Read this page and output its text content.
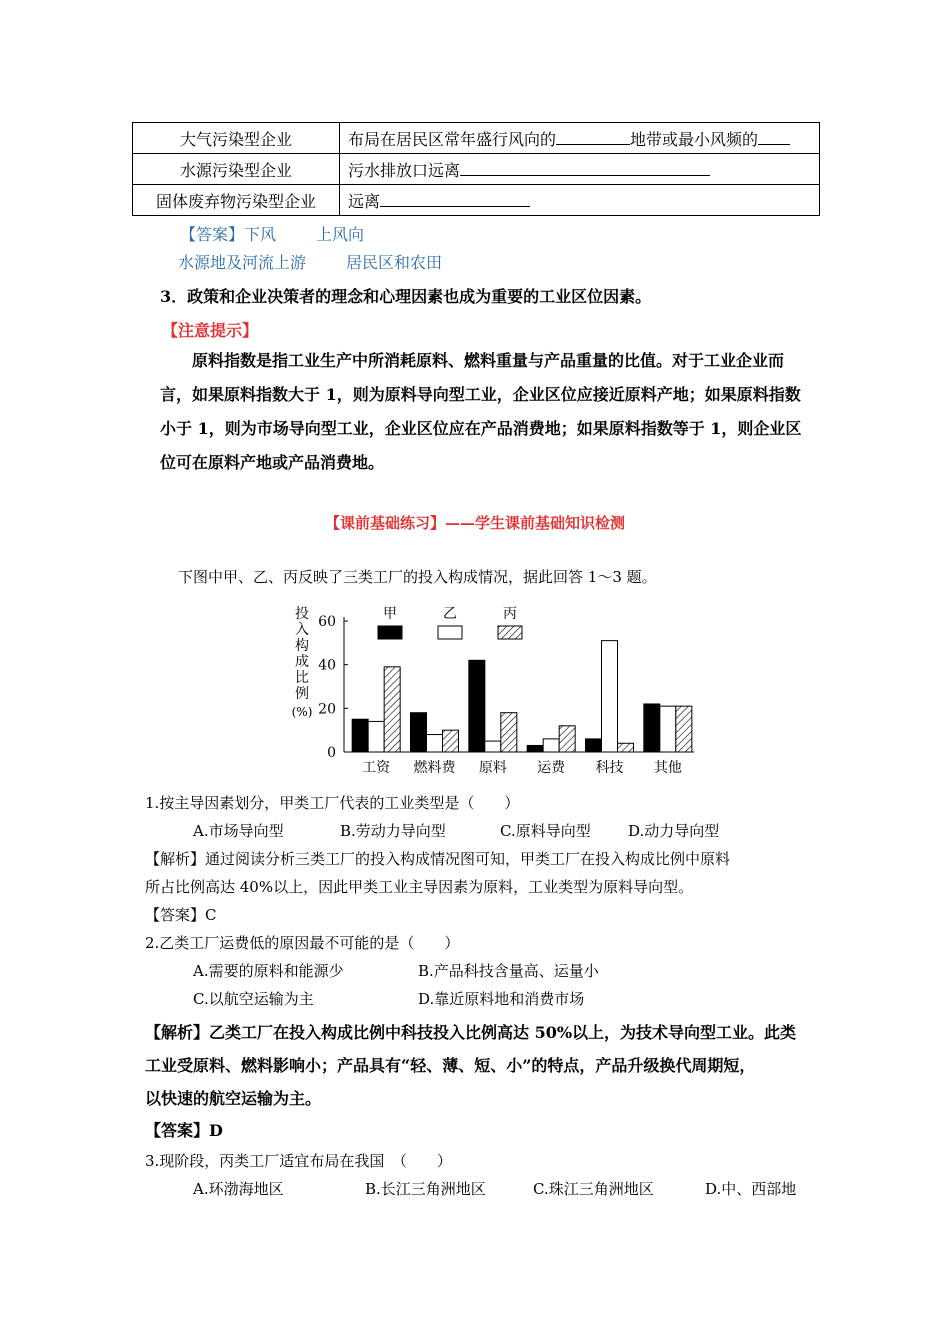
大气污染型企业	布局在居民区常年盛行风向的 地带或最小风频的
水源污染型企业	污水排放口远离
固体废弃物污染型企业	远离
【答案】下风	上风向
水源地及河流上游	居民区和农田
3．政策和企业决策者的理念和心理因素也成为重要的工业区位因素。
【注意提示】
原料指数是指工业生产中所消耗原料、燃料重量与产品重量的比值。对于工业企业而
言，如果原料指数大于 1，则为原料导向型工业，企业区位应接近原料产地；如果原料指数
小于 1，则为市场导向型工业，企业区位应在产品消费地；如果原料指数等于 1，则企业区
位可在原料产地或产品消费地。
【课前基础练习】——学生课前基础知识检测
下图中甲、乙、丙反映了三类工厂的投入构成情况，据此回答 1～3 题。
投
入
构
成
比
例
(%)
0
20
40
60
工资 燃料费 原料 运费 科技 其他
甲	乙	丙
1.按主导因素划分，甲类工厂代表的工业类型是（　　）
A.市场导向型	B.劳动力导向型	C.原料导向型 D.动力导向型
【解析】通过阅读分析三类工厂的投入构成情况图可知，甲类工厂在投入构成比例中原料
所占比例高达 40%以上，因此甲类工业主导因素为原料，工业类型为原料导向型。
【答案】C
2.乙类工厂运费低的原因最不可能的是（　　）
A.需要的原料和能源少	B.产品科技含量高、运量小
C.以航空运输为主	D.靠近原料地和消费市场
【解析】乙类工厂在投入构成比例中科技投入比例高达 50%以上，为技术导向型工业。此类
工业受原料、燃料影响小；产品具有“轻、薄、短、小”的特点，产品升级换代周期短，
以快速的航空运输为主。
【答案】D
3.现阶段，丙类工厂适宜布局在我国　（　　）
A.环渤海地区	B.长江三角洲地区	C.珠江三角洲地区	D.中、西部地
